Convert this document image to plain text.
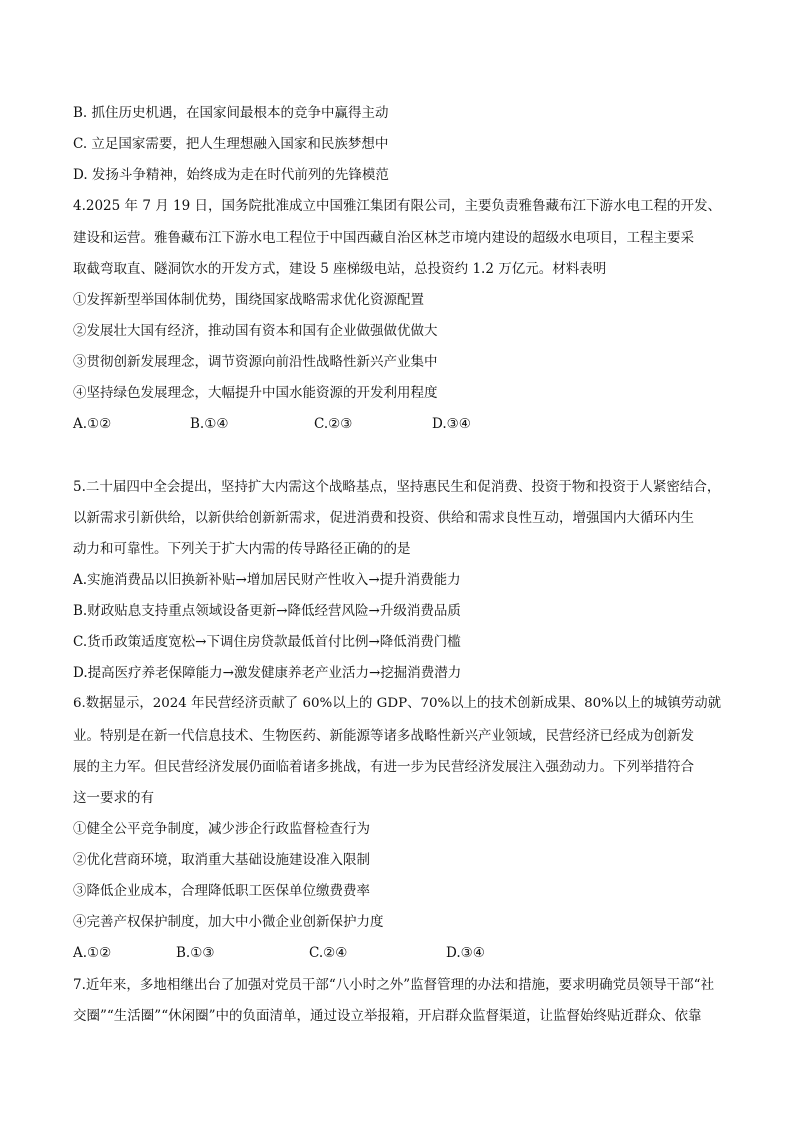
B. 抓住历史机遇，在国家间最根本的竞争中赢得主动
C. 立足国家需要，把人生理想融入国家和民族梦想中
D. 发扬斗争精神，始终成为走在时代前列的先锋模范
4.2025 年 7 月 19 日，国务院批准成立中国雅江集团有限公司，主要负责雅鲁藏布江下游水电工程的开发、
建设和运营。雅鲁藏布江下游水电工程位于中国西藏自治区林芝市境内建设的超级水电项目，工程主要采
取截弯取直、隧洞饮水的开发方式，建设 5 座梯级电站，总投资约 1.2 万亿元。材料表明
①发挥新型举国体制优势，围绕国家战略需求优化资源配置
②发展壮大国有经济，推动国有资本和国有企业做强做优做大
③贯彻创新发展理念，调节资源向前沿性战略性新兴产业集中
④坚持绿色发展理念，大幅提升中国水能资源的开发利用程度
A.①②	B.①④	C.②③	D.③④
5.二十届四中全会提出，坚持扩大内需这个战略基点，坚持惠民生和促消费、投资于物和投资于人紧密结合，
以新需求引新供给，以新供给创新新需求，促进消费和投资、供给和需求良性互动，增强国内大循环内生
动力和可靠性。下列关于扩大内需的传导路径正确的的是
A.实施消费品以旧换新补贴→增加居民财产性收入→提升消费能力
B.财政贴息支持重点领域设备更新→降低经营风险→升级消费品质
C.货币政策适度宽松→下调住房贷款最低首付比例→降低消费门槛
D.提高医疗养老保障能力→激发健康养老产业活力→挖掘消费潜力
6.数据显示，2024 年民营经济贡献了 60%以上的 GDP、70%以上的技术创新成果、80%以上的城镇劳动就
业。特别是在新一代信息技术、生物医药、新能源等诸多战略性新兴产业领域，民营经济已经成为创新发
展的主力军。但民营经济发展仍面临着诸多挑战，有进一步为民营经济发展注入强劲动力。下列举措符合
这一要求的有
①健全公平竞争制度，减少涉企行政监督检查行为
②优化营商环境，取消重大基础设施建设准入限制
③降低企业成本，合理降低职工医保单位缴费费率
④完善产权保护制度，加大中小微企业创新保护力度
A.①②	B.①③	C.②④	D.③④
7.近年来，多地相继出台了加强对党员干部“八小时之外”监督管理的办法和措施，要求明确党员领导干部“社
交圈”“生活圈”“休闲圈”中的负面清单，通过设立举报箱，开启群众监督渠道，让监督始终贴近群众、依靠
